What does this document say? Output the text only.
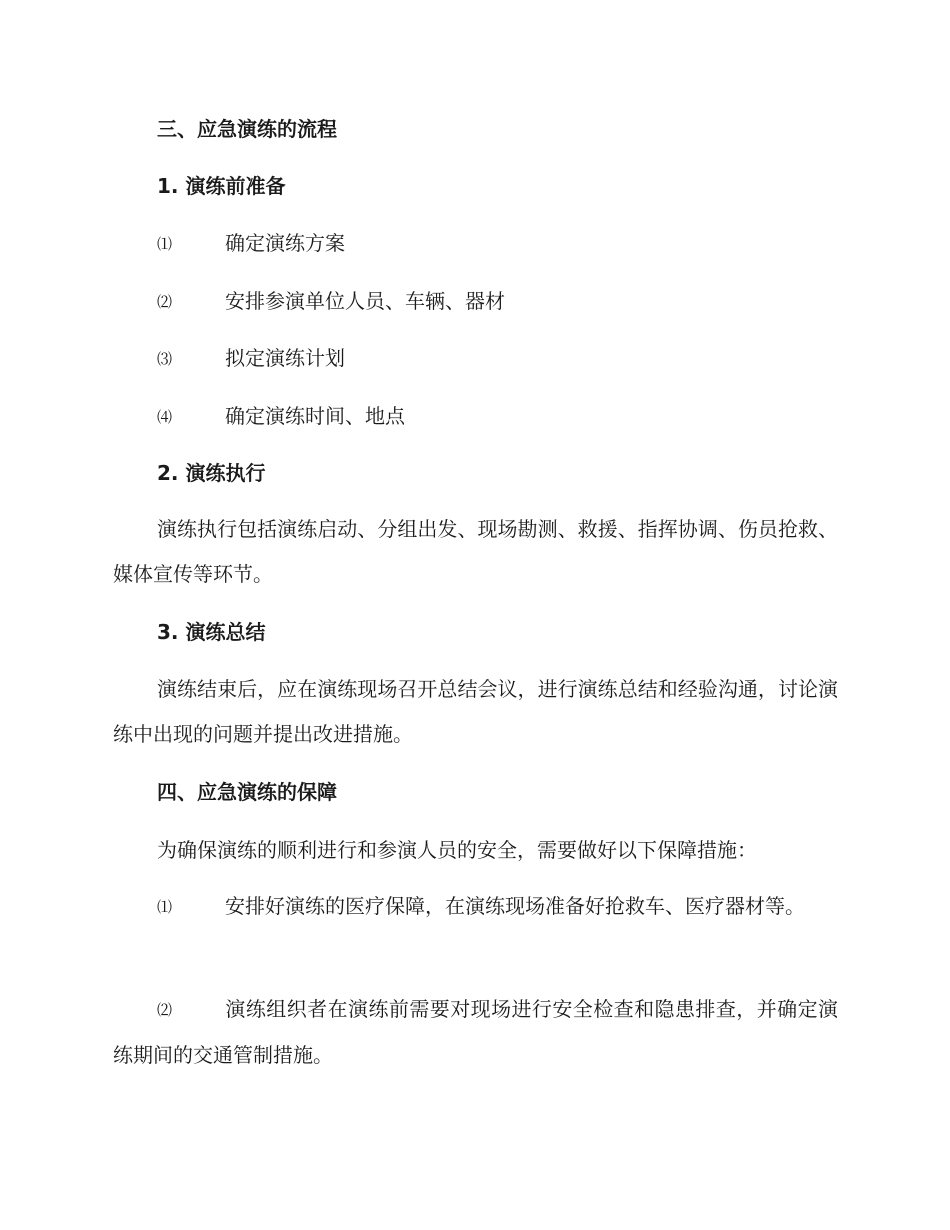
三、应急演练的流程
1. 演练前准备
⑴	确定演练方案
⑵	安排参演单位人员、车辆、器材
⑶	拟定演练计划
⑷	确定演练时间、地点
2. 演练执行
演练执行包括演练启动、分组出发、现场勘测、救援、指挥协调、伤员抢救、媒体宣传等环节。
3. 演练总结
演练结束后，应在演练现场召开总结会议，进行演练总结和经验沟通，讨论演练中出现的问题并提出改进措施。
四、应急演练的保障
为确保演练的顺利进行和参演人员的安全，需要做好以下保障措施：
⑴	安排好演练的医疗保障，在演练现场准备好抢救车、医疗器材等。
⑵	演练组织者在演练前需要对现场进行安全检查和隐患排查，并确定演练期间的交通管制措施。
